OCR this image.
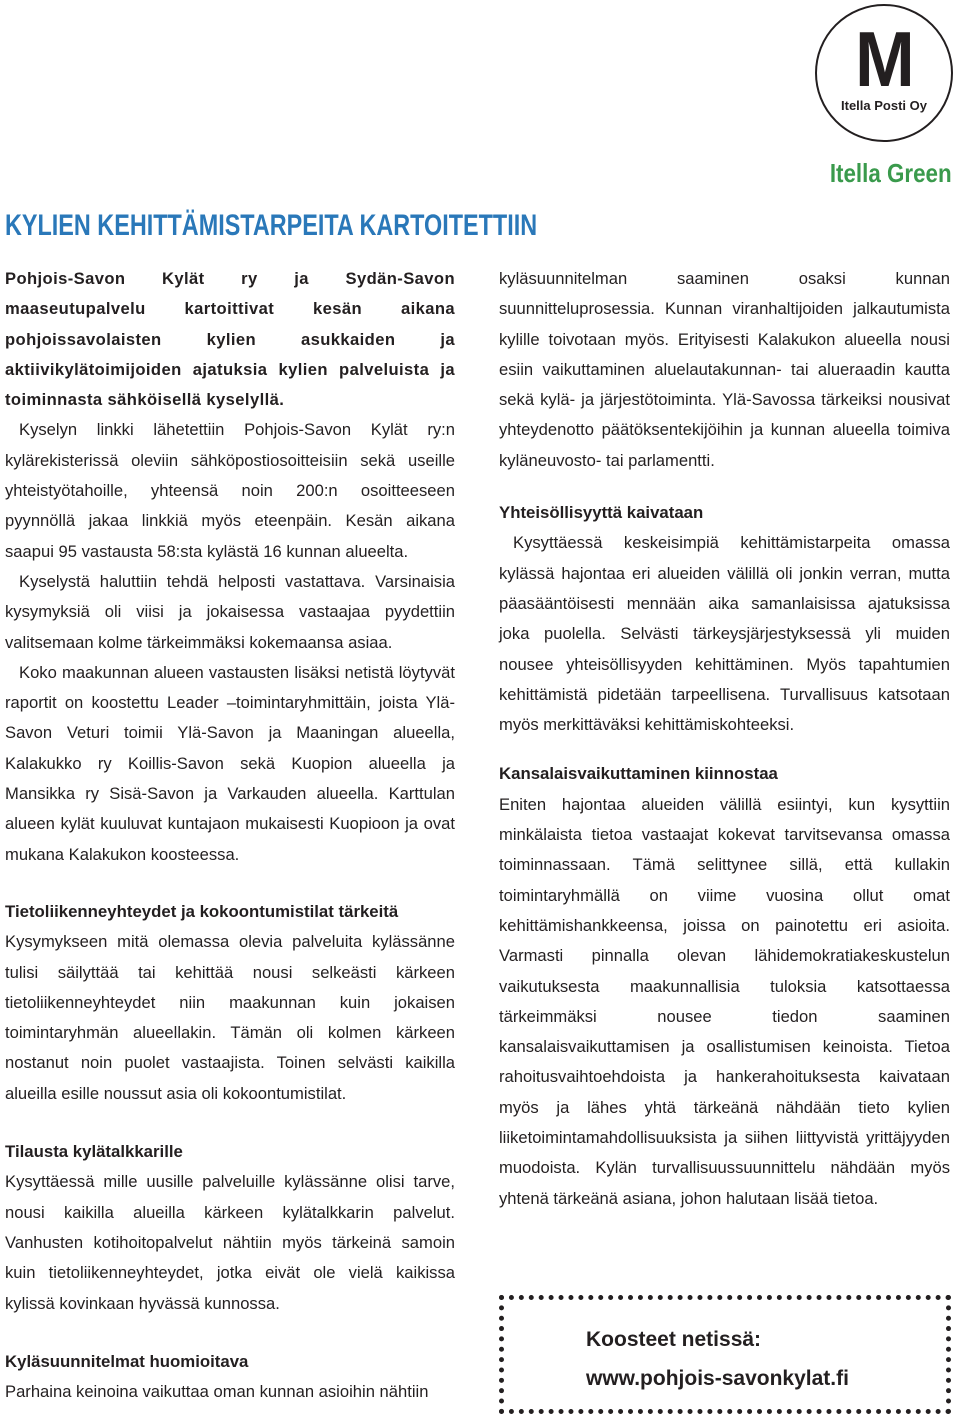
M
Itella Posti Oy
Itella Green
KYLIEN KEHITTÄMISTARPEITA KARTOITETTIIN

Pohjois-Savon Kylät ry ja Sydän-Savon maaseutupalvelu kartoittivat kesän aikana pohjoissavolaisten kylien asukkaiden ja aktiivikylätoimijoiden ajatuksia kylien palveluista ja toiminnasta sähköisellä kyselyllä.

Kyselyn linkki lähetettiin Pohjois-Savon Kylät ry:n kylärekisterissä oleviin sähköpostiosoitteisiin sekä useille yhteistyötahoille, yhteensä noin 200:n osoitteeseen pyynnöllä jakaa linkkiä myös eteenpäin. Kesän aikana saapui 95 vastausta 58:sta kylästä 16 kunnan alueelta.

Kyselystä haluttiin tehdä helposti vastattava. Varsinaisia kysymyksiä oli viisi ja jokaisessa vastaajaa pyydettiin valitsemaan kolme tärkeimmäksi kokemaansa asiaa.

Koko maakunnan alueen vastausten lisäksi netistä löytyvät raportit on koostettu Leader –toimintaryhmittäin, joista Ylä-Savon Veturi toimii Ylä-Savon ja Maaningan alueella, Kalakukko ry Koillis-Savon sekä Kuopion alueella ja Mansikka ry Sisä-Savon ja Varkauden alueella. Karttulan alueen kylät kuuluvat kuntajaon mukaisesti Kuopioon ja ovat mukana Kalakukon koosteessa.

Tietoliikenneyhteydet ja kokoontumistilat tärkeitä

Kysymykseen mitä olemassa olevia palveluita kylässänne tulisi säilyttää tai kehittää nousi selkeästi kärkeen tietoliikenneyhteydet niin maakunnan kuin jokaisen toimintaryhmän alueellakin. Tämän oli kolmen kärkeen nostanut noin puolet vastaajista. Toinen selvästi kaikilla alueilla esille noussut asia oli kokoontumistilat.

Tilausta kylätalkkarille

Kysyttäessä mille uusille palveluille kylässänne olisi tarve, nousi kaikilla alueilla kärkeen kylätalkkarin palvelut. Vanhusten kotihoitopalvelut nähtiin myös tärkeinä samoin kuin tietoliikenneyhteydet, jotka eivät ole vielä kaikissa kylissä kovinkaan hyvässä kunnossa.

Kyläsuunnitelmat huomioitava

Parhaina keinoina vaikuttaa oman kunnan asioihin nähtiin

kyläsuunnitelman saaminen osaksi kunnan suunnitteluprosessia. Kunnan viranhaltijoiden jalkautumista kylille toivotaan myös. Erityisesti Kalakukon alueella nousi esiin vaikuttaminen aluelautakunnan- tai alueraadin kautta sekä kylä- ja järjestötoiminta. Ylä-Savossa tärkeiksi nousivat yhteydenotto päätöksentekijöihin ja kunnan alueella toimiva kyläneuvosto- tai parlamentti.

Yhteisöllisyyttä kaivataan

Kysyttäessä keskeisimpiä kehittämistarpeita omassa kylässä hajontaa eri alueiden välillä oli jonkin verran, mutta päasääntöisesti mennään aika samanlaisissa ajatuksissa joka puolella. Selvästi tärkeysjärjestyksessä yli muiden nousee yhteisöllisyyden kehittäminen. Myös tapahtumien kehittämistä pidetään tarpeellisena. Turvallisuus katsotaan myös merkittäväksi kehittämiskohteeksi.

Kansalaisvaikuttaminen kiinnostaa

Eniten hajontaa alueiden välillä esiintyi, kun kysyttiin minkälaista tietoa vastaajat kokevat tarvitsevansa omassa toiminnassaan. Tämä selittynee sillä, että kullakin toimintaryhmällä on viime vuosina ollut omat kehittämishankkeensa, joissa on painotettu eri asioita. Varmasti pinnalla olevan lähidemokratiakeskustelun vaikutuksesta maakunnallisia tuloksia katsottaessa tärkeimmäksi nousee tiedon saaminen kansalaisvaikuttamisen ja osallistumisen keinoista. Tietoa rahoitusvaihtoehdoista ja hankerahoituksesta kaivataan myös ja lähes yhtä tärkeänä nähdään tieto kylien liiketoimintamahdollisuuksista ja siihen liittyvistä yrittäjyyden muodoista. Kylän turvallisuussuunnittelu nähdään myös yhtenä tärkeänä asiana, johon halutaan lisää tietoa.

Koosteet netissä:
www.pohjois-savonkylat.fi
